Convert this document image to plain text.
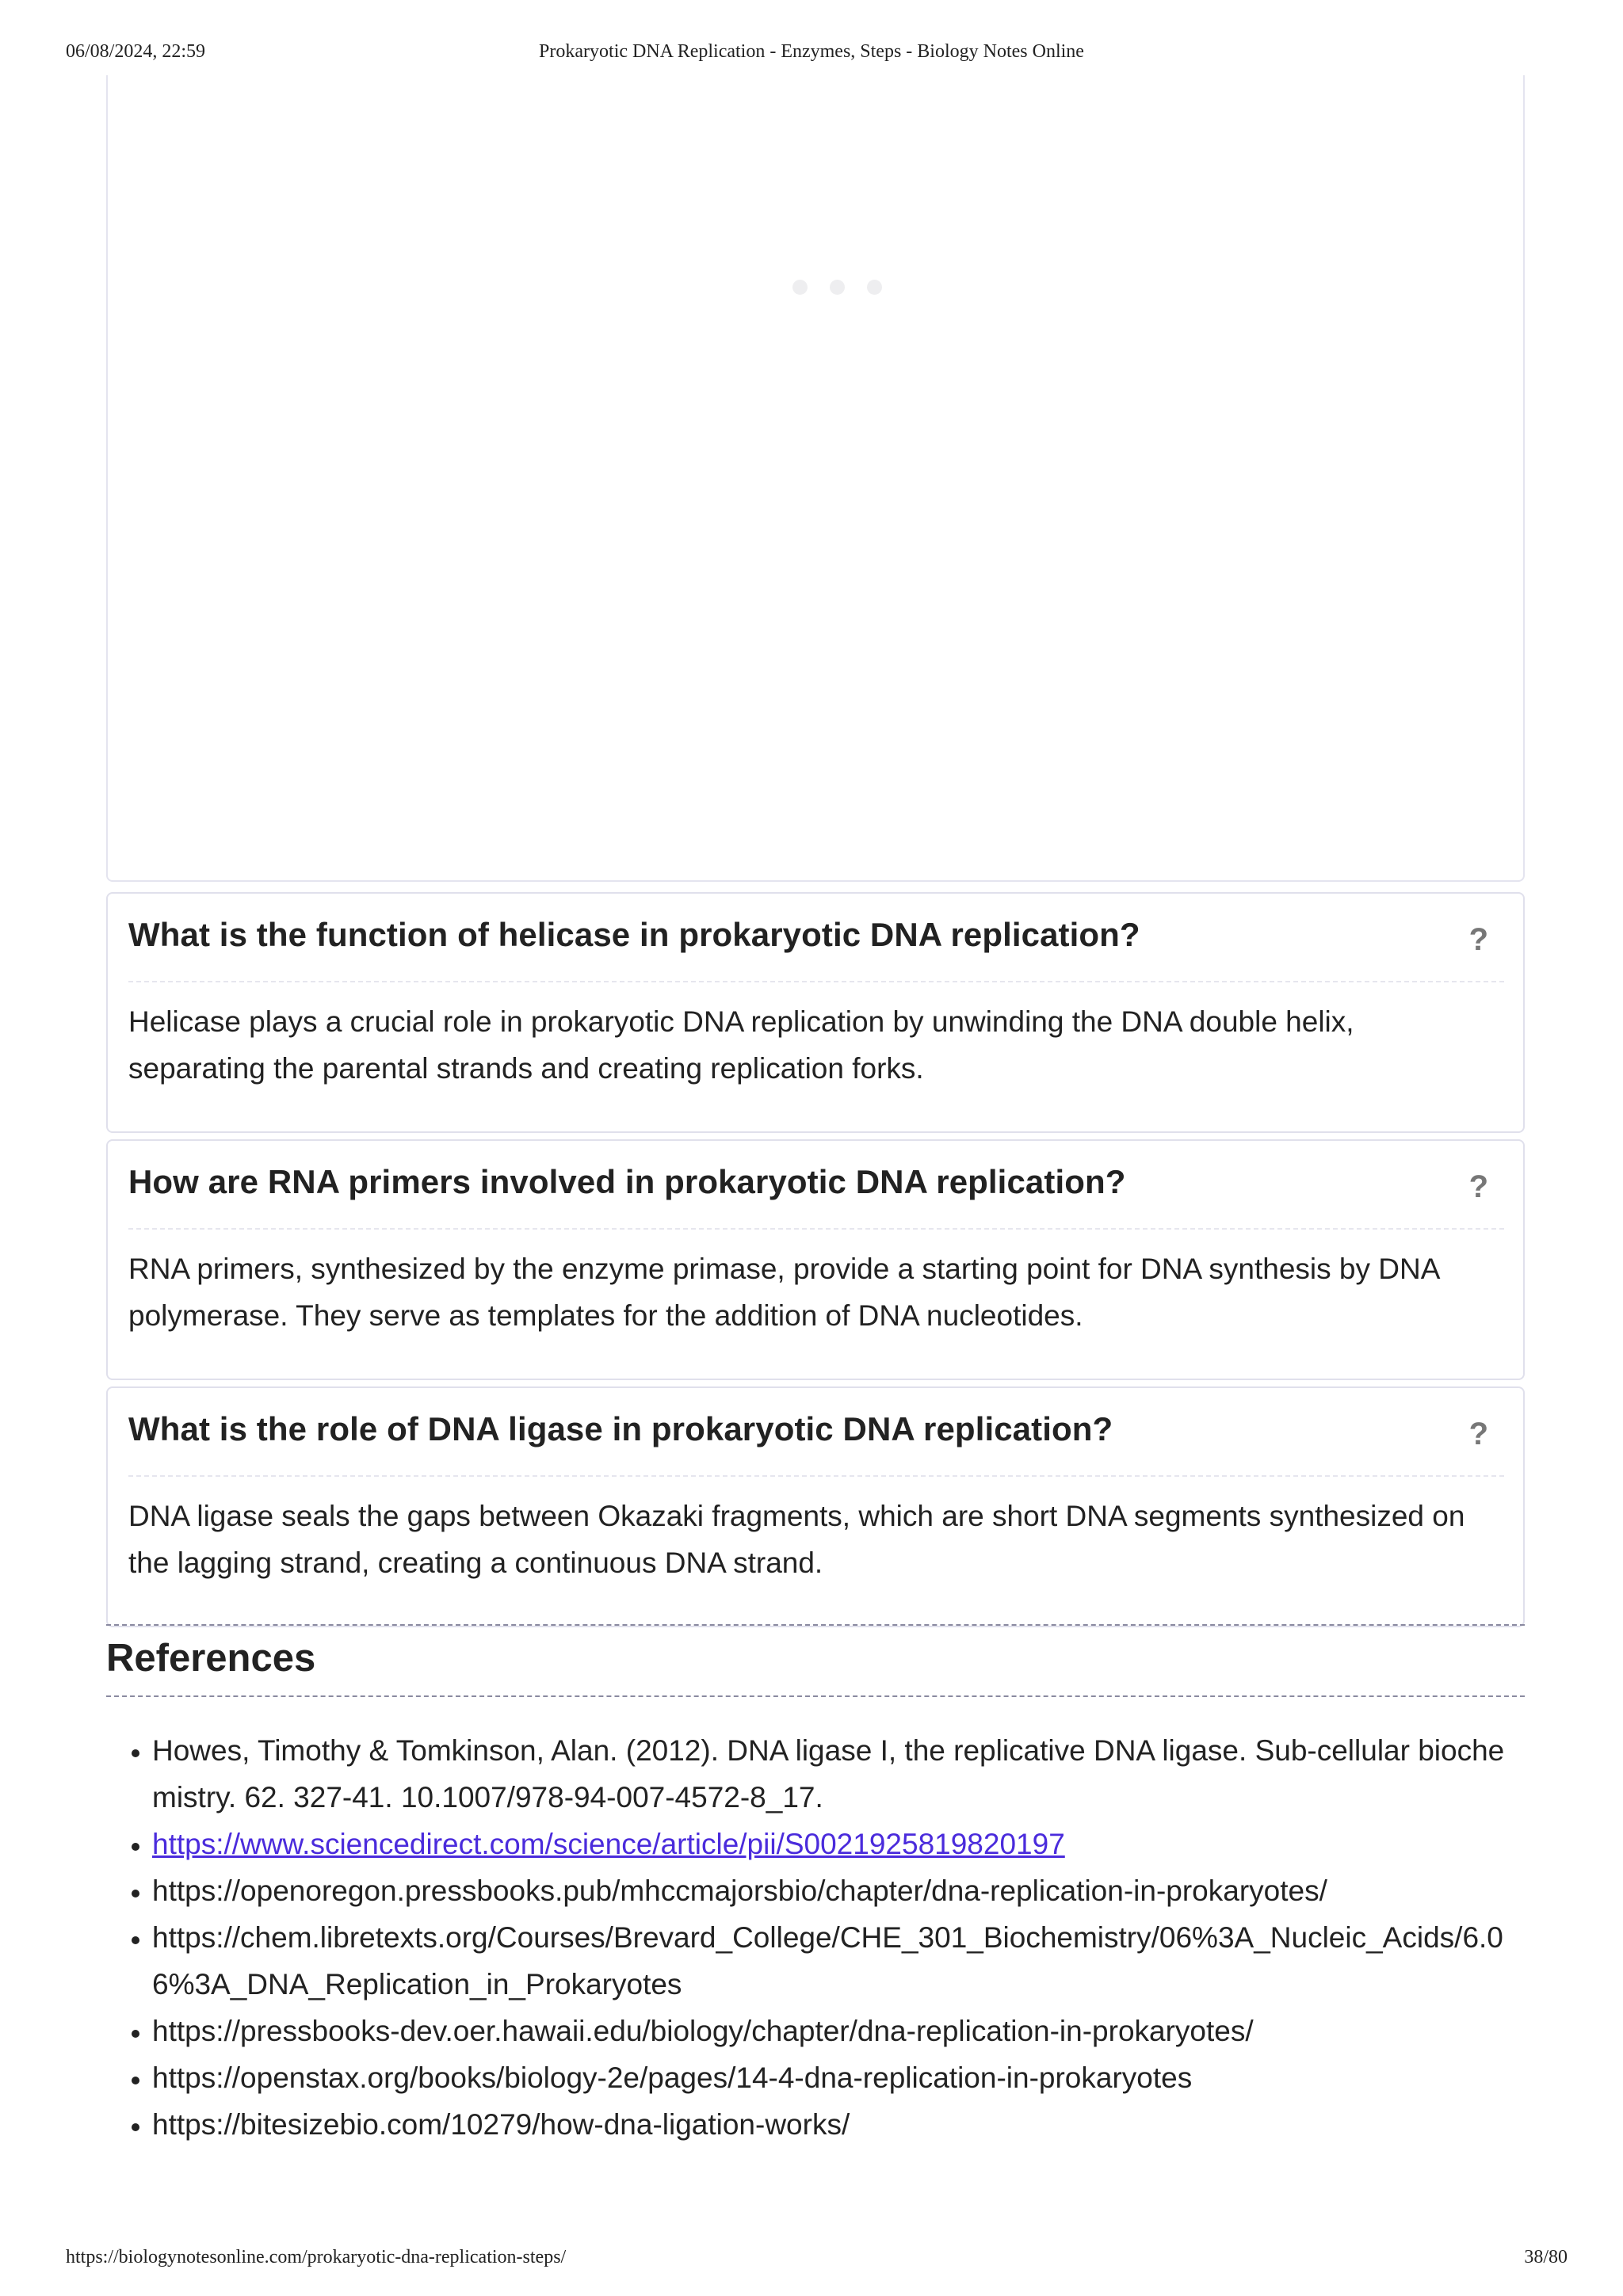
06/08/2024, 22:59	Prokaryotic DNA Replication - Enzymes, Steps - Biology Notes Online
What is the function of helicase in prokaryotic DNA replication?	?
Helicase plays a crucial role in prokaryotic DNA replication by unwinding the DNA double helix, separating the parental strands and creating replication forks.
How are RNA primers involved in prokaryotic DNA replication?	?
RNA primers, synthesized by the enzyme primase, provide a starting point for DNA synthesis by DNA polymerase. They serve as templates for the addition of DNA nucleotides.
What is the role of DNA ligase in prokaryotic DNA replication?	?
DNA ligase seals the gaps between Okazaki fragments, which are short DNA segments synthesized on the lagging strand, creating a continuous DNA strand.
References
• Howes, Timothy & Tomkinson, Alan. (2012). DNA ligase I, the replicative DNA ligase. Sub-cellular biochemistry. 62. 327-41. 10.1007/978-94-007-4572-8_17.
• https://www.sciencedirect.com/science/article/pii/S0021925819820197
• https://openoregon.pressbooks.pub/mhccmajorsbio/chapter/dna-replication-in-prokaryotes/
• https://chem.libretexts.org/Courses/Brevard_College/CHE_301_Biochemistry/06%3A_Nucleic_Acids/6.06%3A_DNA_Replication_in_Prokaryotes
• https://pressbooks-dev.oer.hawaii.edu/biology/chapter/dna-replication-in-prokaryotes/
• https://openstax.org/books/biology-2e/pages/14-4-dna-replication-in-prokaryotes
• https://bitesizebio.com/10279/how-dna-ligation-works/
https://biologynotesonline.com/prokaryotic-dna-replication-steps/	38/80
